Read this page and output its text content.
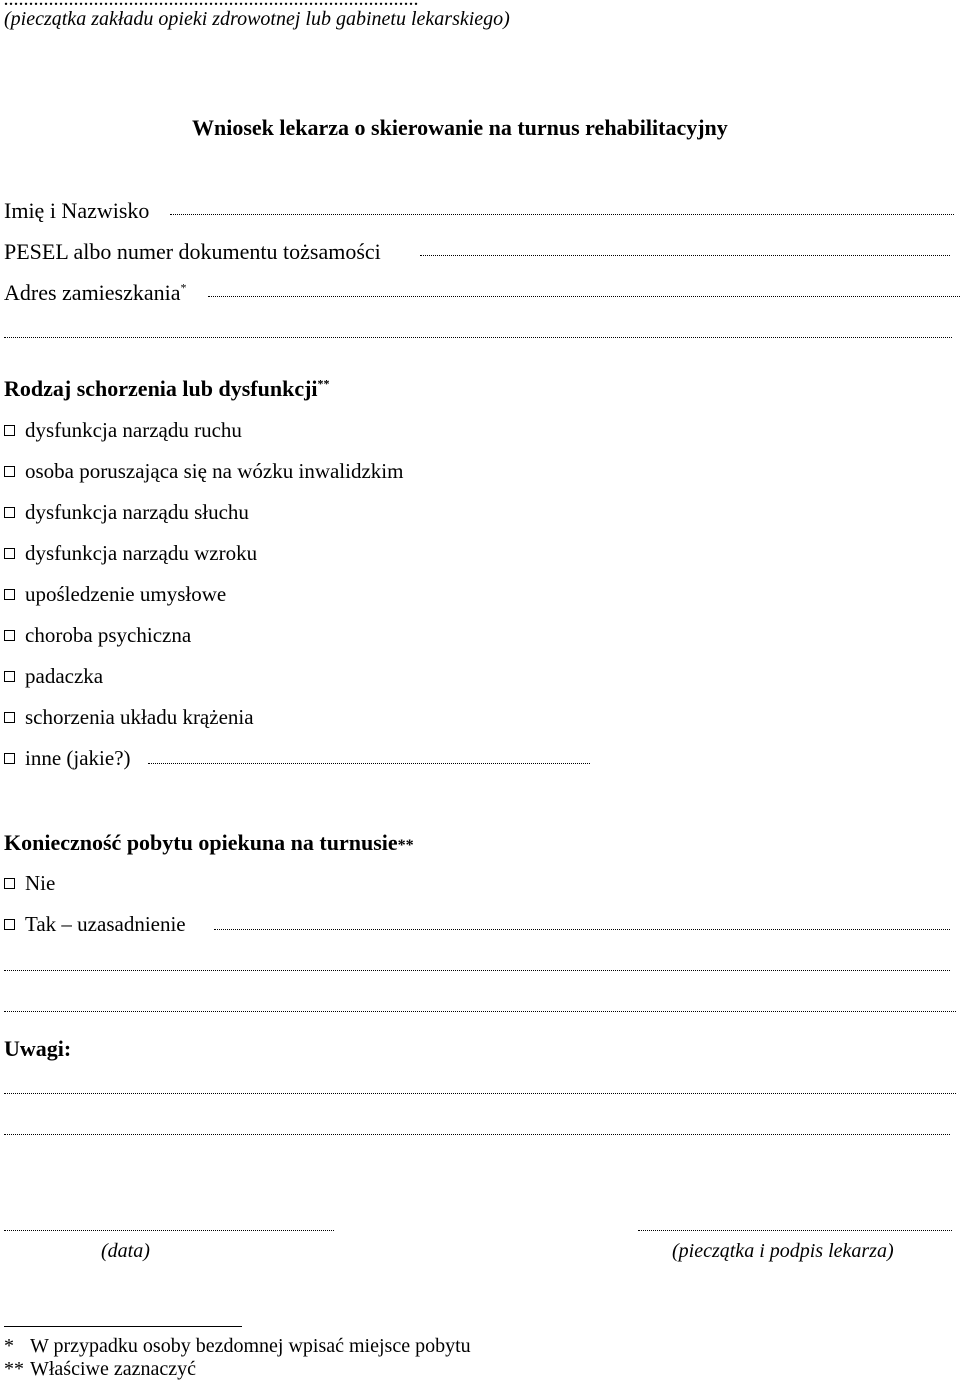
(pieczątka zakładu opieki zdrowotnej lub gabinetu lekarskiego)
Wniosek lekarza o skierowanie na turnus rehabilitacyjny
Imię i Nazwisko
PESEL albo numer dokumentu tożsamości
Adres zamieszkania*
Rodzaj schorzenia lub dysfunkcji**
dysfunkcja narządu ruchu
osoba poruszająca się na wózku inwalidzkim
dysfunkcja narządu słuchu
dysfunkcja narządu wzroku
upośledzenie umysłowe
choroba psychiczna
padaczka
schorzenia układu krążenia
inne (jakie?)
Konieczność pobytu opiekuna na turnusie**
Nie
Tak – uzasadnienie
Uwagi:
(data)	(pieczątka i podpis lekarza)
* W przypadku osoby bezdomnej wpisać miejsce pobytu
** Właściwe zaznaczyć
